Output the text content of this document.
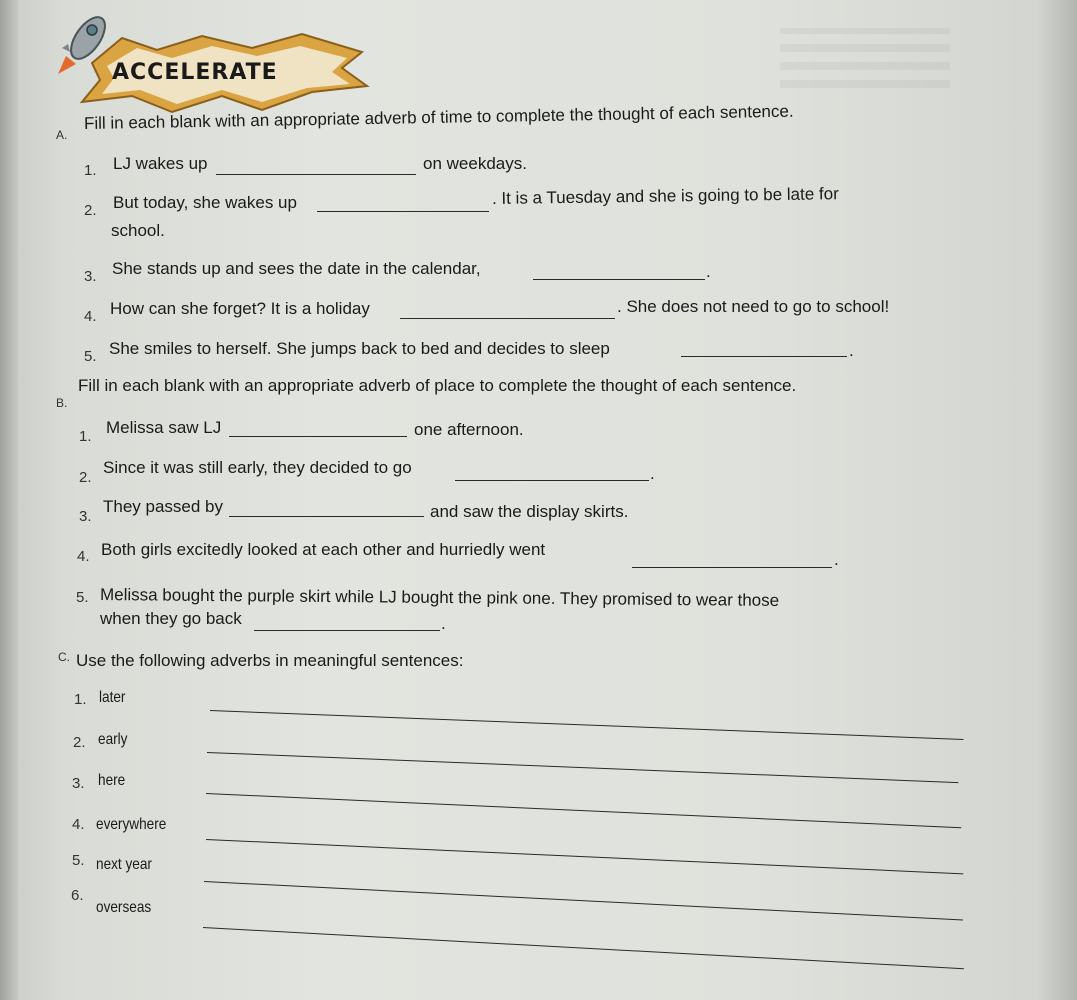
ACCELERATE
A.
Fill in each blank with an appropriate adverb of time to complete the thought of each sentence.
1. LJ wakes up	on weekdays.
2. But today, she wakes up	. It is a Tuesday and she is going to be late for
school.
3. She stands up and sees the date in the calendar,	.
4. How can she forget? It is a holiday	. She does not need to go to school!
5. She smiles to herself. She jumps back to bed and decides to sleep	.
B.
Fill in each blank with an appropriate adverb of place to complete the thought of each sentence.
1. Melissa saw LJ	one afternoon.
2.
Since it was still early, they decided to go	.
3.
They passed by	and saw the display skirts.
4. Both girls excitedly looked at each other and hurriedly went
.
5. Melissa bought the purple skirt while LJ bought the pink one. They promised to wear those
when they go back	.
C. Use the following adverbs in meaningful sentences:
1. later
2. early
3. here
4. everywhere
5. next year
6.
overseas
